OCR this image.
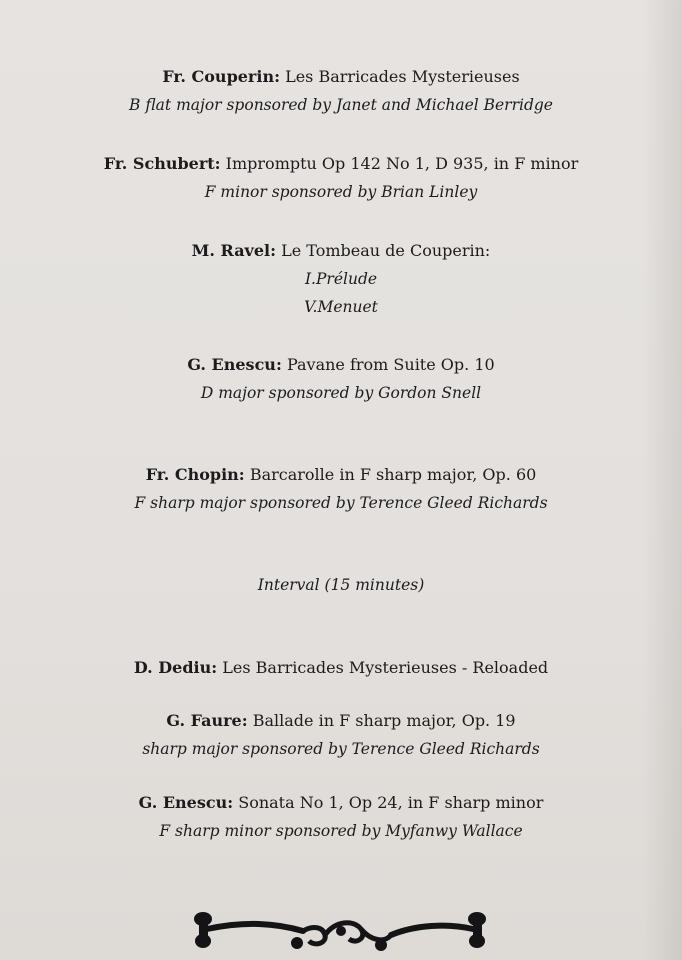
Fr. Couperin: Les Barricades Mysterieuses
B flat major sponsored by Janet and Michael Berridge
Fr. Schubert: Impromptu Op 142 No 1, D 935, in F minor
F minor sponsored by Brian Linley
M. Ravel: Le Tombeau de Couperin:
I.Prélude
V.Menuet
G. Enescu: Pavane from Suite Op. 10
D major sponsored by Gordon Snell
Fr. Chopin: Barcarolle in F sharp major, Op. 60
F sharp major sponsored by Terence Gleed Richards
Interval (15 minutes)
D. Dediu: Les Barricades Mysterieuses - Reloaded
G. Faure: Ballade in F sharp major, Op. 19
sharp major sponsored by Terence Gleed Richards
G. Enescu: Sonata No 1, Op 24, in F sharp minor
F sharp minor sponsored by Myfanwy Wallace
